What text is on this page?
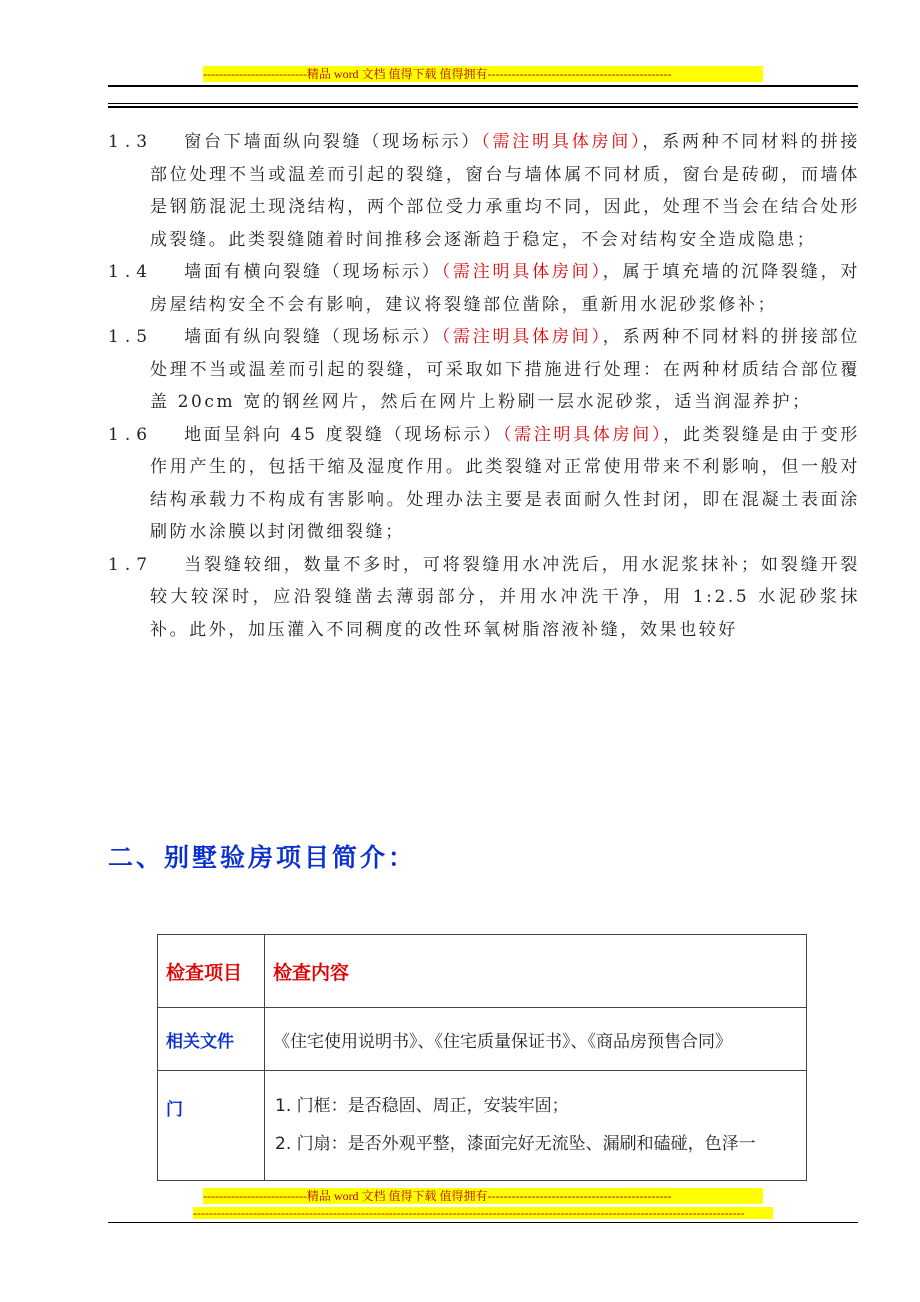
--------------------------精品 word 文档 值得下载 值得拥有----------------------------------------------
1.3	窗台下墙面纵向裂缝（现场标示）（需注明具体房间），系两种不同材料的拼接部位处理不当或温差而引起的裂缝，窗台与墙体属不同材质，窗台是砖砌，而墙体是钢筋混泥土现浇结构，两个部位受力承重均不同，因此，处理不当会在结合处形成裂缝。此类裂缝随着时间推移会逐渐趋于稳定，不会对结构安全造成隐患；
1.4	墙面有横向裂缝（现场标示）（需注明具体房间），属于填充墙的沉降裂缝，对房屋结构安全不会有影响，建议将裂缝部位凿除，重新用水泥砂浆修补；
1.5	墙面有纵向裂缝（现场标示）（需注明具体房间），系两种不同材料的拼接部位处理不当或温差而引起的裂缝，可采取如下措施进行处理：在两种材质结合部位覆盖 20cm 宽的钢丝网片，然后在网片上粉刷一层水泥砂浆，适当润湿养护；
1.6	地面呈斜向 45 度裂缝（现场标示）（需注明具体房间），此类裂缝是由于变形作用产生的，包括干缩及湿度作用。此类裂缝对正常使用带来不利影响，但一般对结构承载力不构成有害影响。处理办法主要是表面耐久性封闭，即在混凝土表面涂刷防水涂膜以封闭微细裂缝；
1.7	当裂缝较细，数量不多时，可将裂缝用水冲洗后，用水泥浆抹补；如裂缝开裂较大较深时，应沿裂缝凿去薄弱部分，并用水冲洗干净，用 1:2.5 水泥砂浆抹补。此外，加压灌入不同稠度的改性环氧树脂溶液补缝，效果也较好
二、别墅验房项目简介：
检查项目	检查内容
相关文件	《住宅使用说明书》、《住宅质量保证书》、《商品房预售合同》
门	1. 门框：是否稳固、周正，安装牢固；
2. 门扇：是否外观平整，漆面完好无流坠、漏刷和磕碰，色泽一
--------------------------精品 word 文档 值得下载 值得拥有----------------------------------------------
------------------------------------------------------------------------------------------------------------------------------------------
